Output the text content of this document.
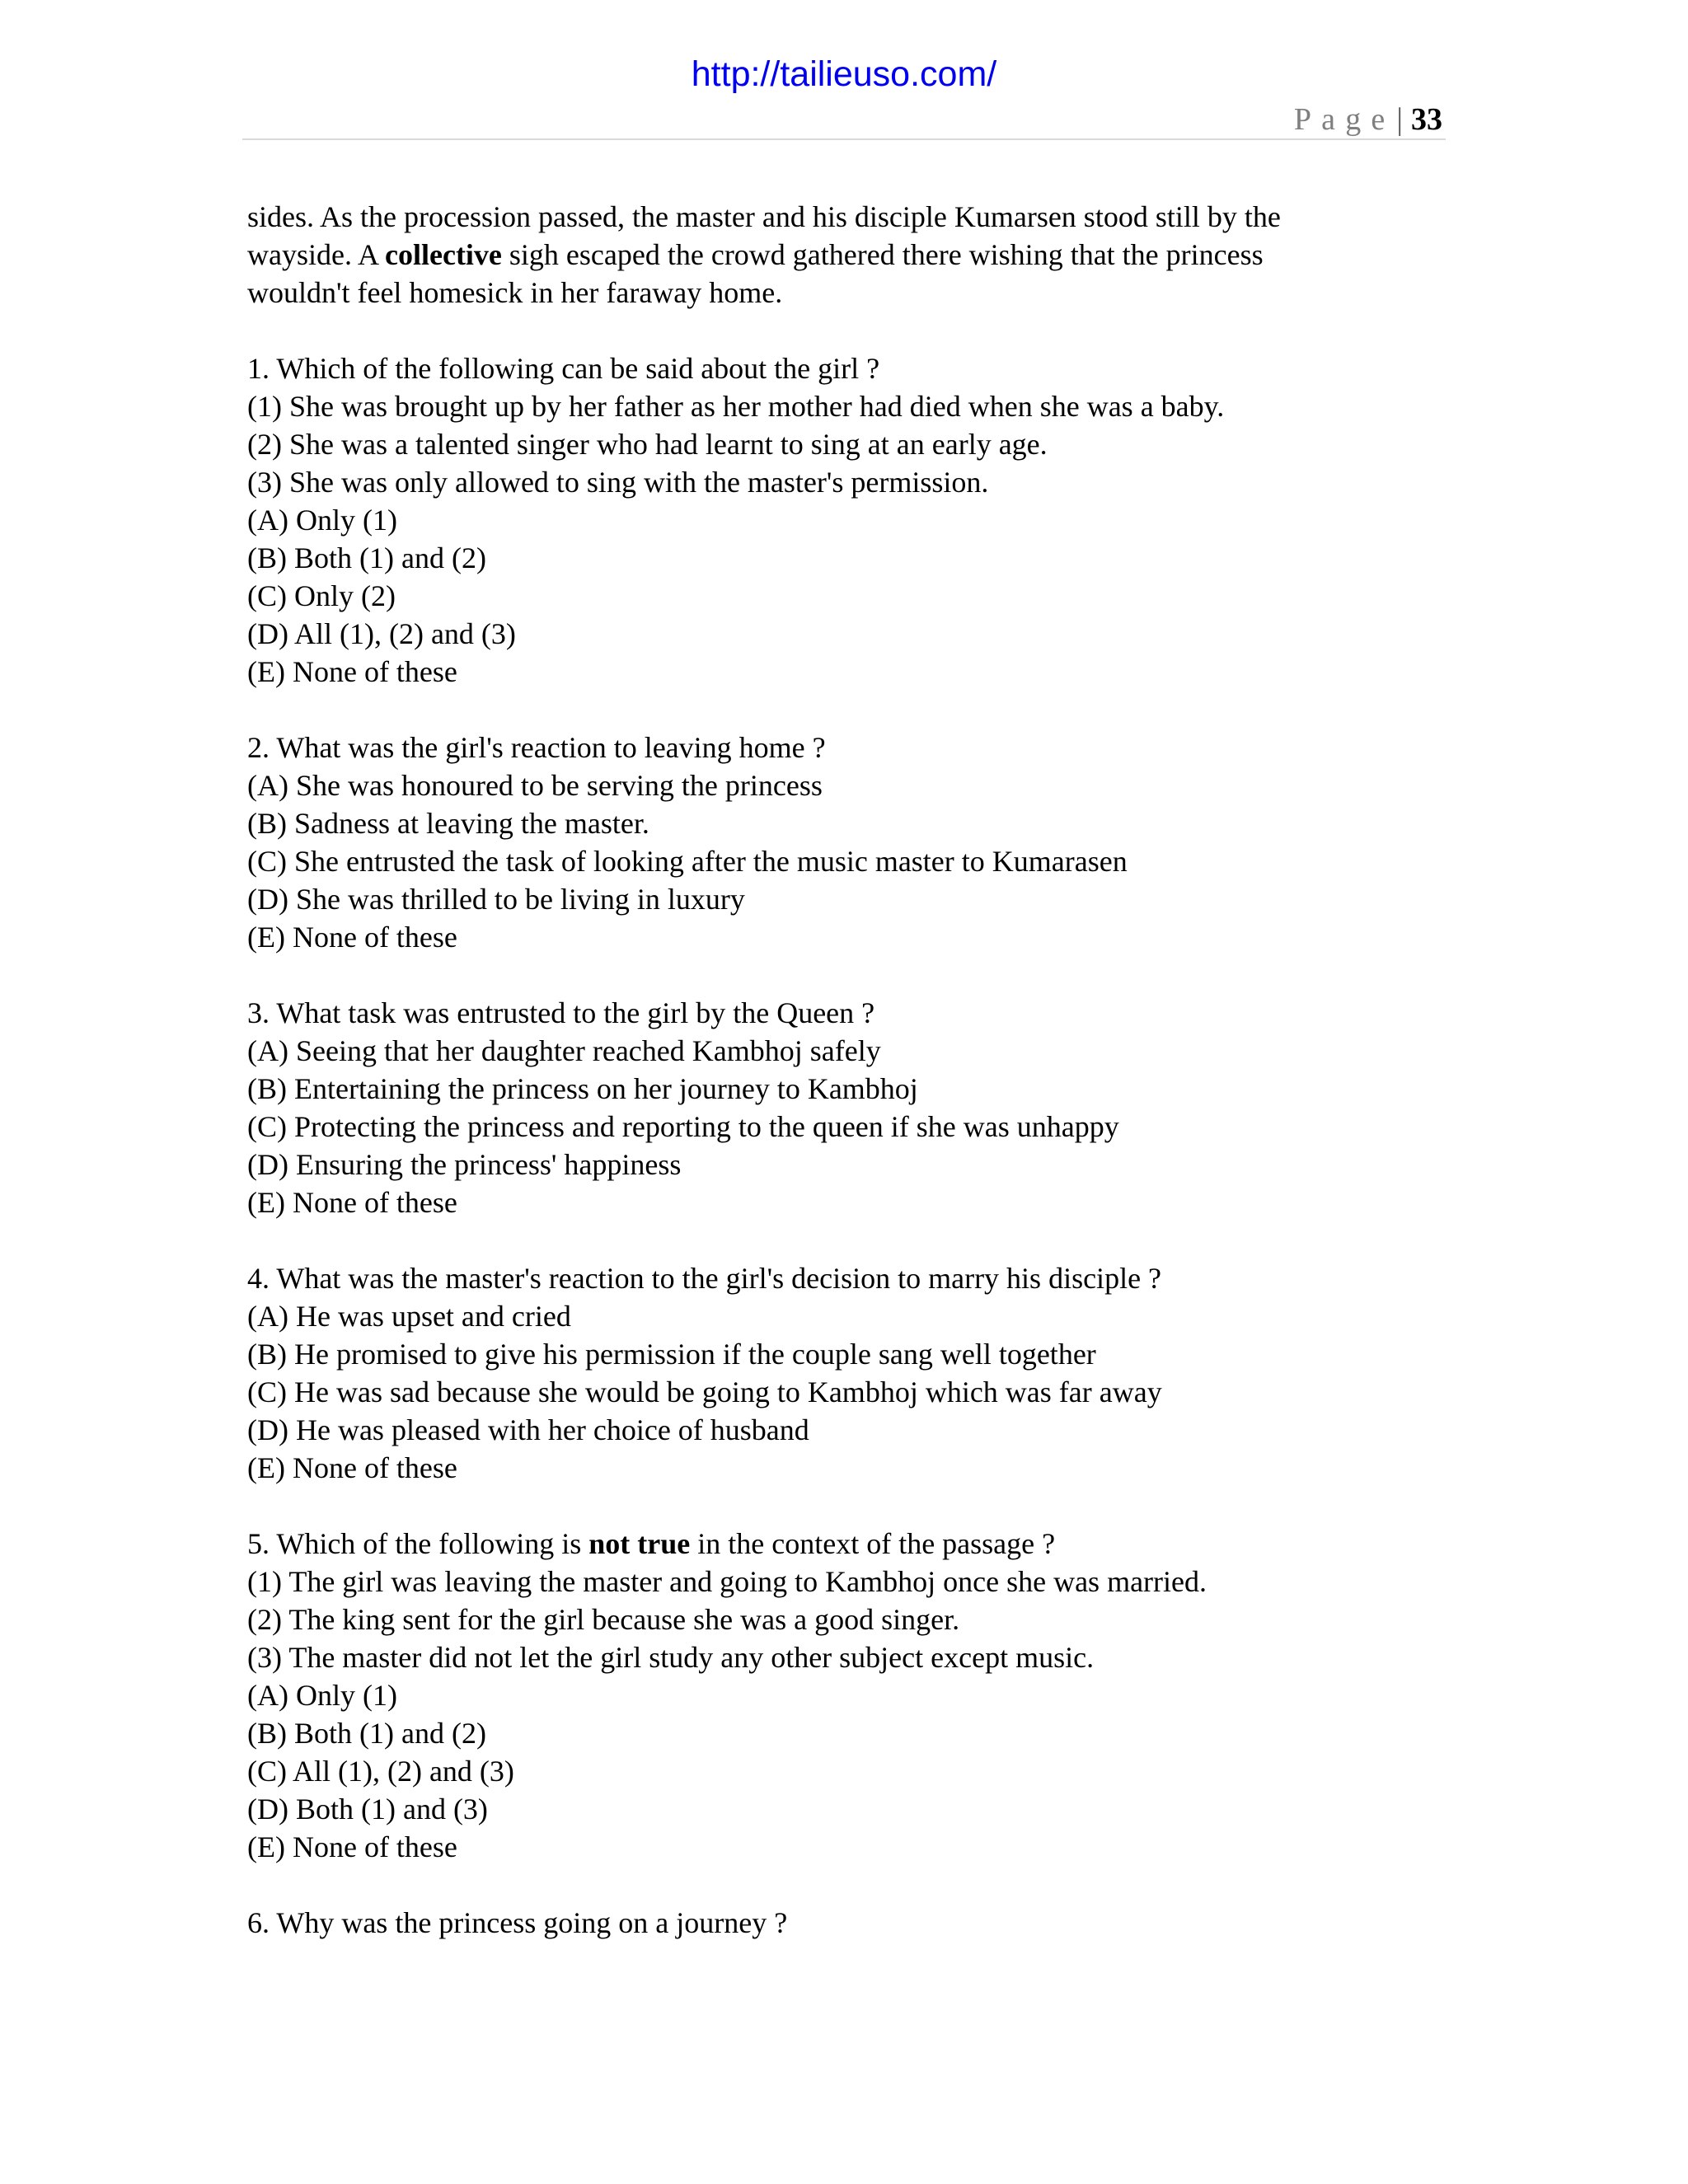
http://tailieuso.com/
Page| 33
sides. As the procession passed, the master and his disciple Kumarsen stood still by the
wayside. A collective sigh escaped the crowd gathered there wishing that the princess
wouldn't feel homesick in her faraway home.
1. Which of the following can be said about the girl ?
(1) She was brought up by her father as her mother had died when she was a baby.
(2) She was a talented singer who had learnt to sing at an early age.
(3) She was only allowed to sing with the master's permission.
(A) Only (1)
(B) Both (1) and (2)
(C) Only (2)
(D) All (1), (2) and (3)
(E) None of these
2. What was the girl's reaction to leaving home ?
(A) She was honoured to be serving the princess
(B) Sadness at leaving the master.
(C) She entrusted the task of looking after the music master to Kumarasen
(D) She was thrilled to be living in luxury
(E) None of these
3. What task was entrusted to the girl by the Queen ?
(A) Seeing that her daughter reached Kambhoj safely
(B) Entertaining the princess on her journey to Kambhoj
(C) Protecting the princess and reporting to the queen if she was unhappy
(D) Ensuring the princess' happiness
(E) None of these
4. What was the master's reaction to the girl's decision to marry his disciple ?
(A) He was upset and cried
(B) He promised to give his permission if the couple sang well together
(C) He was sad because she would be going to Kambhoj which was far away
(D) He was pleased with her choice of husband
(E) None of these
5. Which of the following is not true in the context of the passage ?
(1) The girl was leaving the master and going to Kambhoj once she was married.
(2) The king sent for the girl because she was a good singer.
(3) The master did not let the girl study any other subject except music.
(A) Only (1)
(B) Both (1) and (2)
(C) All (1), (2) and (3)
(D) Both (1) and (3)
(E) None of these
6. Why was the princess going on a journey ?
